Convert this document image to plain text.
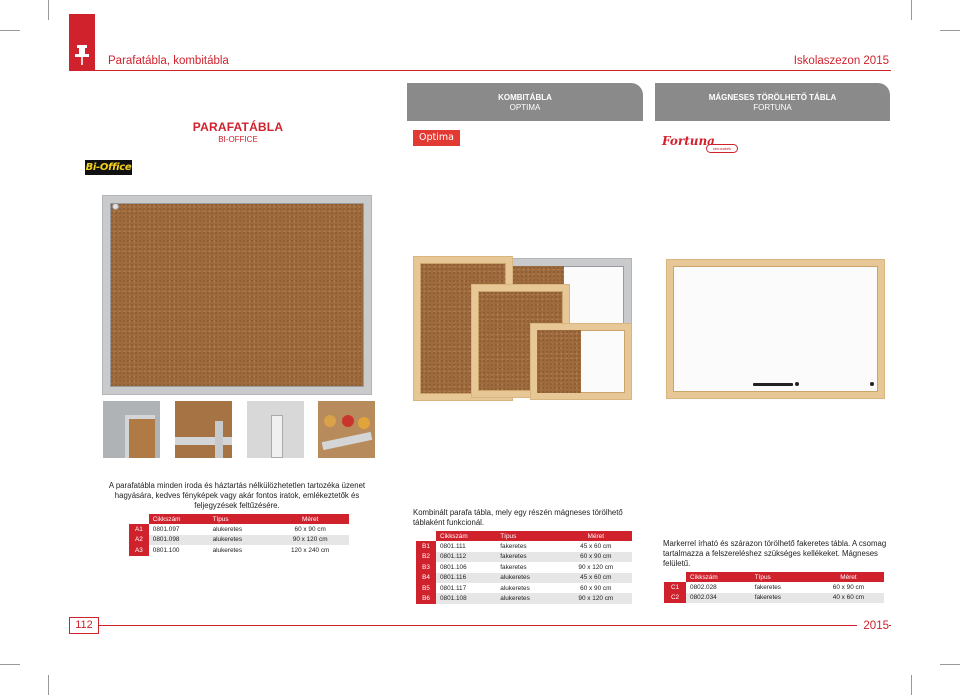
Parafatábla, kombitábla	Iskolaszezon 2015
PARAFATÁBLA
BI-OFFICE
Bi-Office
A parafatábla minden iroda és háztartás nélkülözhetetlen tartozéka üzenet hagyására, kedves fényképek vagy akár fontos iratok, emlékeztetők és feljegyzések feltűzésére.
	Cikkszám	Típus	Méret
A1	0801.097	alukeretes	60 x 90 cm
A2	0801.098	alukeretes	90 x 120 cm
A3	0801.100	alukeretes	120 x 240 cm
KOMBITÁBLA
OPTIMA
Optima
Kombinált parafa tábla, mely egy részén mágneses törölhető táblaként funkcionál.
	Cikkszám	Típus	Méret
B1	0801.111	fakeretes	45 x 60 cm
B2	0801.112	fakeretes	60 x 90 cm
B3	0801.106	fakeretes	90 x 120 cm
B4	0801.116	alukeretes	45 x 60 cm
B5	0801.117	alukeretes	60 x 90 cm
B6	0801.108	alukeretes	90 x 120 cm
MÁGNESES TÖRÖLHETŐ TÁBLA
FORTUNA
Fortuna
ceruzakék
Markerrel írható és szárazon törölhető fakeretes tábla. A csomag tartalmazza a felszereléshez szükséges kellékeket. Mágneses felületű.
	Cikkszám	Típus	Méret
C1	0802.028	fakeretes	60 x 90 cm
C2	0802.034	fakeretes	40 x 60 cm
112	2015
